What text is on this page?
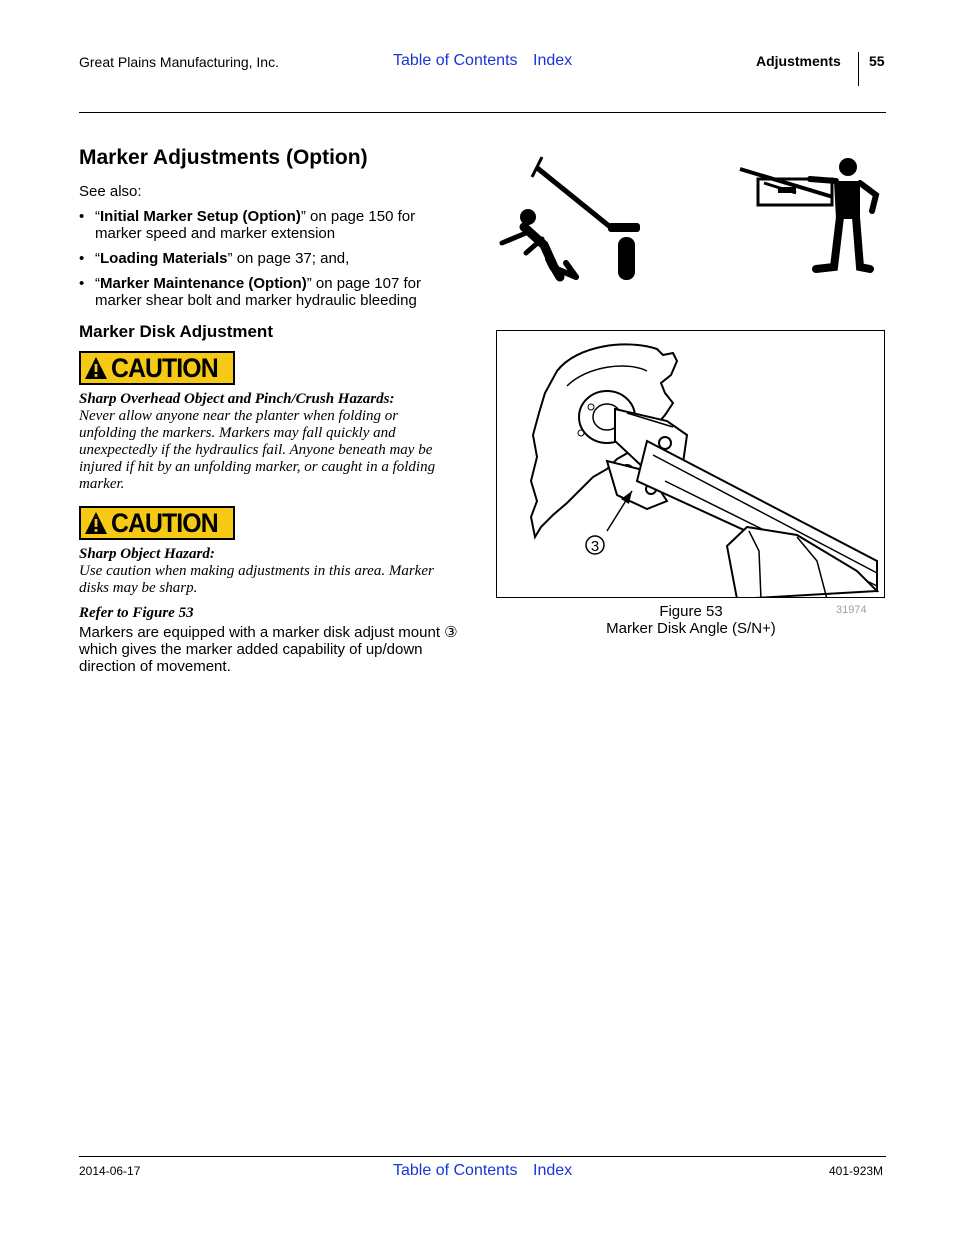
Great Plains Manufacturing, Inc.	Table of Contents Index	Adjustments 55
Marker Adjustments (Option)
See also:
• “Initial Marker Setup (Option)” on page 150 for marker speed and marker extension
• “Loading Materials” on page 37; and,
• “Marker Maintenance (Option)” on page 107 for marker shear bolt and marker hydraulic bleeding
Marker Disk Adjustment
CAUTION
Sharp Overhead Object and Pinch/Crush Hazards:
Never allow anyone near the planter when folding or unfolding the markers. Markers may fall quickly and unexpectedly if the hydraulics fail. Anyone beneath may be injured if hit by an unfolding marker, or caught in a folding marker.
CAUTION
Sharp Object Hazard:
Use caution when making adjustments in this area. Marker disks may be sharp.
Refer to Figure 53
Markers are equipped with a marker disk adjust mount ③ which gives the marker added capability of up/down direction of movement.
3
Figure 53
Marker Disk Angle (S/N+)
31974
2014-06-17	Table of Contents Index	401-923M
